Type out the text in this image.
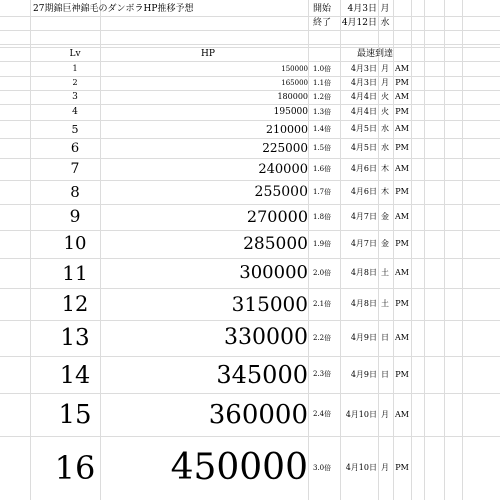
27期錦巨神錦毛のダンボラHP推移予想	開始	4月3日 月
終了	4月12日 水
Lv	HP	最速到達
1	150000 1.0倍	4月3日 月 AM
2	165000 1.1倍	4月3日 月 PM
3	180000 1.2倍	4月4日 火 AM
4	195000 1.3倍	4月4日 火 PM
5	210000 1.4倍	4月5日 水 AM
6	225000 1.5倍	4月5日 水 PM
7	240000 1.6倍	4月6日 木 AM
8	255000 1.7倍	4月6日 木 PM
9	270000 1.8倍	4月7日 金 AM
10	285000 1.9倍	4月7日 金 PM
11	300000 2.0倍	4月8日 土 AM
12	315000 2.1倍	4月8日 土 PM
13	330000 2.2倍	4月9日 日 AM
14	345000 2.3倍	4月9日 日 PM
15	360000 2.4倍	4月10日 月 AM
16	450000 3.0倍	4月10日 月 PM
